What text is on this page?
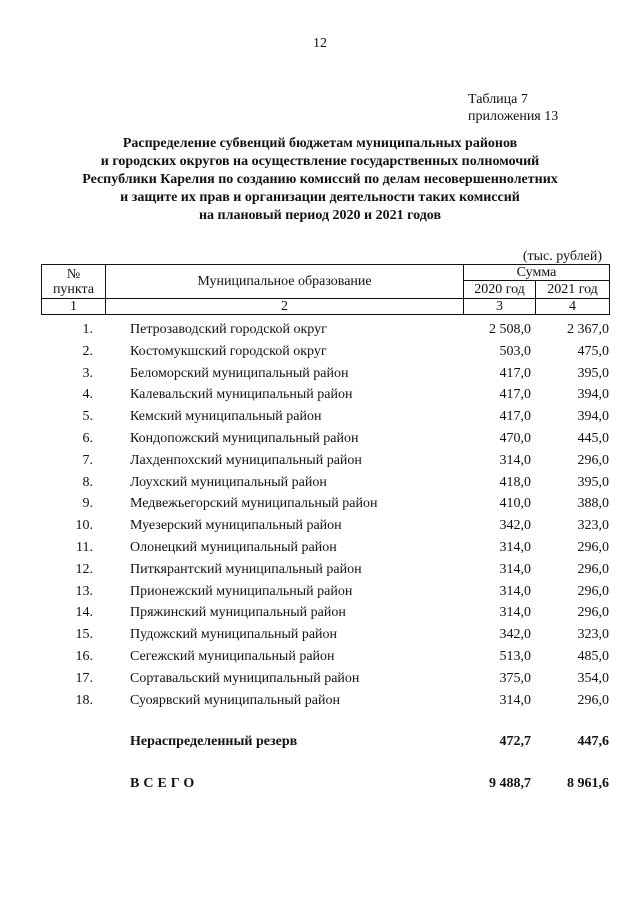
12
Таблица 7
приложения 13
Распределение субвенций бюджетам муниципальных районов
и городских округов на осуществление государственных полномочий
Республики Карелия по созданию комиссий по делам несовершеннолетних
и защите их прав и организации деятельности таких комиссий
на плановый период 2020 и 2021 годов
(тыс. рублей)
№
пункта	Муниципальное образование	Сумма	
		2020 год	2021 год
1	2	3	4
1.	Петрозаводский городской округ	2 508,0	2 367,0
2.	Костомукшский городской округ	503,0	475,0
3.	Беломорский муниципальный район	417,0	395,0
4.	Калевальский муниципальный район	417,0	394,0
5.	Кемский муниципальный район	417,0	394,0
6.	Кондопожский муниципальный район	470,0	445,0
7.	Лахденпохский муниципальный район	314,0	296,0
8.	Лоухский муниципальный район	418,0	395,0
9.	Медвежьегорский муниципальный район	410,0	388,0
10.	Муезерский муниципальный район	342,0	323,0
11.	Олонецкий муниципальный район	314,0	296,0
12.	Питкярантский муниципальный район	314,0	296,0
13.	Прионежский муниципальный район	314,0	296,0
14.	Пряжинский муниципальный район	314,0	296,0
15.	Пудожский муниципальный район	342,0	323,0
16.	Сегежский муниципальный район	513,0	485,0
17.	Сортавальский муниципальный район	375,0	354,0
18.	Суоярвский муниципальный район	314,0	296,0
Нераспределенный резерв	472,7	447,6
ВСЕГО	9 488,7	8 961,6
